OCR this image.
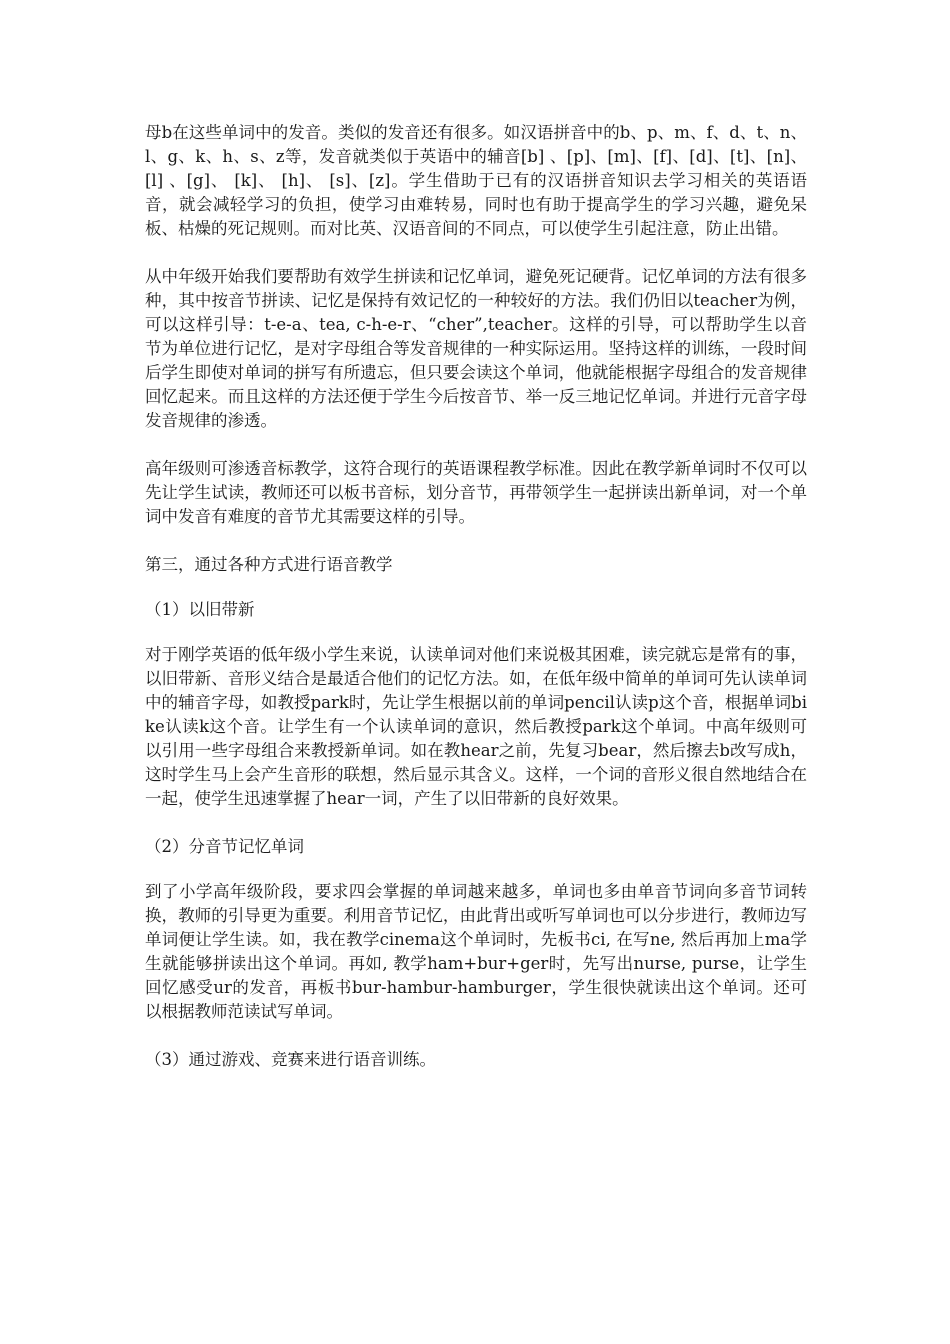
母b在这些单词中的发音。类似的发音还有很多。如汉语拼音中的b、p、m、f、d、t、n、l、g、k、h、s、z等，发音就类似于英语中的辅音[b] 、[p]、[m]、[f]、[d]、[t]、[n]、[l] 、[g]、 [k]、 [h]、 [s]、[z]。学生借助于已有的汉语拼音知识去学习相关的英语语音，就会减轻学习的负担，使学习由难转易，同时也有助于提高学生的学习兴趣，避免呆板、枯燥的死记规则。而对比英、汉语音间的不同点，可以使学生引起注意，防止出错。

从中年级开始我们要帮助有效学生拼读和记忆单词，避免死记硬背。记忆单词的方法有很多种，其中按音节拼读、记忆是保持有效记忆的一种较好的方法。我们仍旧以teacher为例，可以这样引导：t-e-a、tea, c-h-e-r、“cher”,teacher。这样的引导，可以帮助学生以音节为单位进行记忆，是对字母组合等发音规律的一种实际运用。坚持这样的训练，一段时间后学生即使对单词的拼写有所遗忘，但只要会读这个单词，他就能根据字母组合的发音规律回忆起来。而且这样的方法还便于学生今后按音节、举一反三地记忆单词。并进行元音字母发音规律的渗透。

高年级则可渗透音标教学，这符合现行的英语课程教学标准。因此在教学新单词时不仅可以先让学生试读，教师还可以板书音标，划分音节，再带领学生一起拼读出新单词，对一个单词中发音有难度的音节尤其需要这样的引导。

第三，通过各种方式进行语音教学

（1）以旧带新

对于刚学英语的低年级小学生来说，认读单词对他们来说极其困难，读完就忘是常有的事，以旧带新、音形义结合是最适合他们的记忆方法。如，在低年级中简单的单词可先认读单词中的辅音字母，如教授park时，先让学生根据以前的单词pencil认读p这个音，根据单词bike认读k这个音。让学生有一个认读单词的意识，然后教授park这个单词。中高年级则可以引用一些字母组合来教授新单词。如在教hear之前，先复习bear，然后擦去b改写成h，这时学生马上会产生音形的联想，然后显示其含义。这样，一个词的音形义很自然地结合在一起，使学生迅速掌握了hear一词，产生了以旧带新的良好效果。

（2）分音节记忆单词

到了小学高年级阶段，要求四会掌握的单词越来越多，单词也多由单音节词向多音节词转换，教师的引导更为重要。利用音节记忆，由此背出或听写单词也可以分步进行，教师边写单词便让学生读。如，我在教学cinema这个单词时，先板书ci, 在写ne, 然后再加上ma学生就能够拼读出这个单词。再如, 教学ham+bur+ger时，先写出nurse, purse，让学生回忆感受ur的发音，再板书bur-hambur-hamburger，学生很快就读出这个单词。还可以根据教师范读试写单词。

（3）通过游戏、竞赛来进行语音训练。
